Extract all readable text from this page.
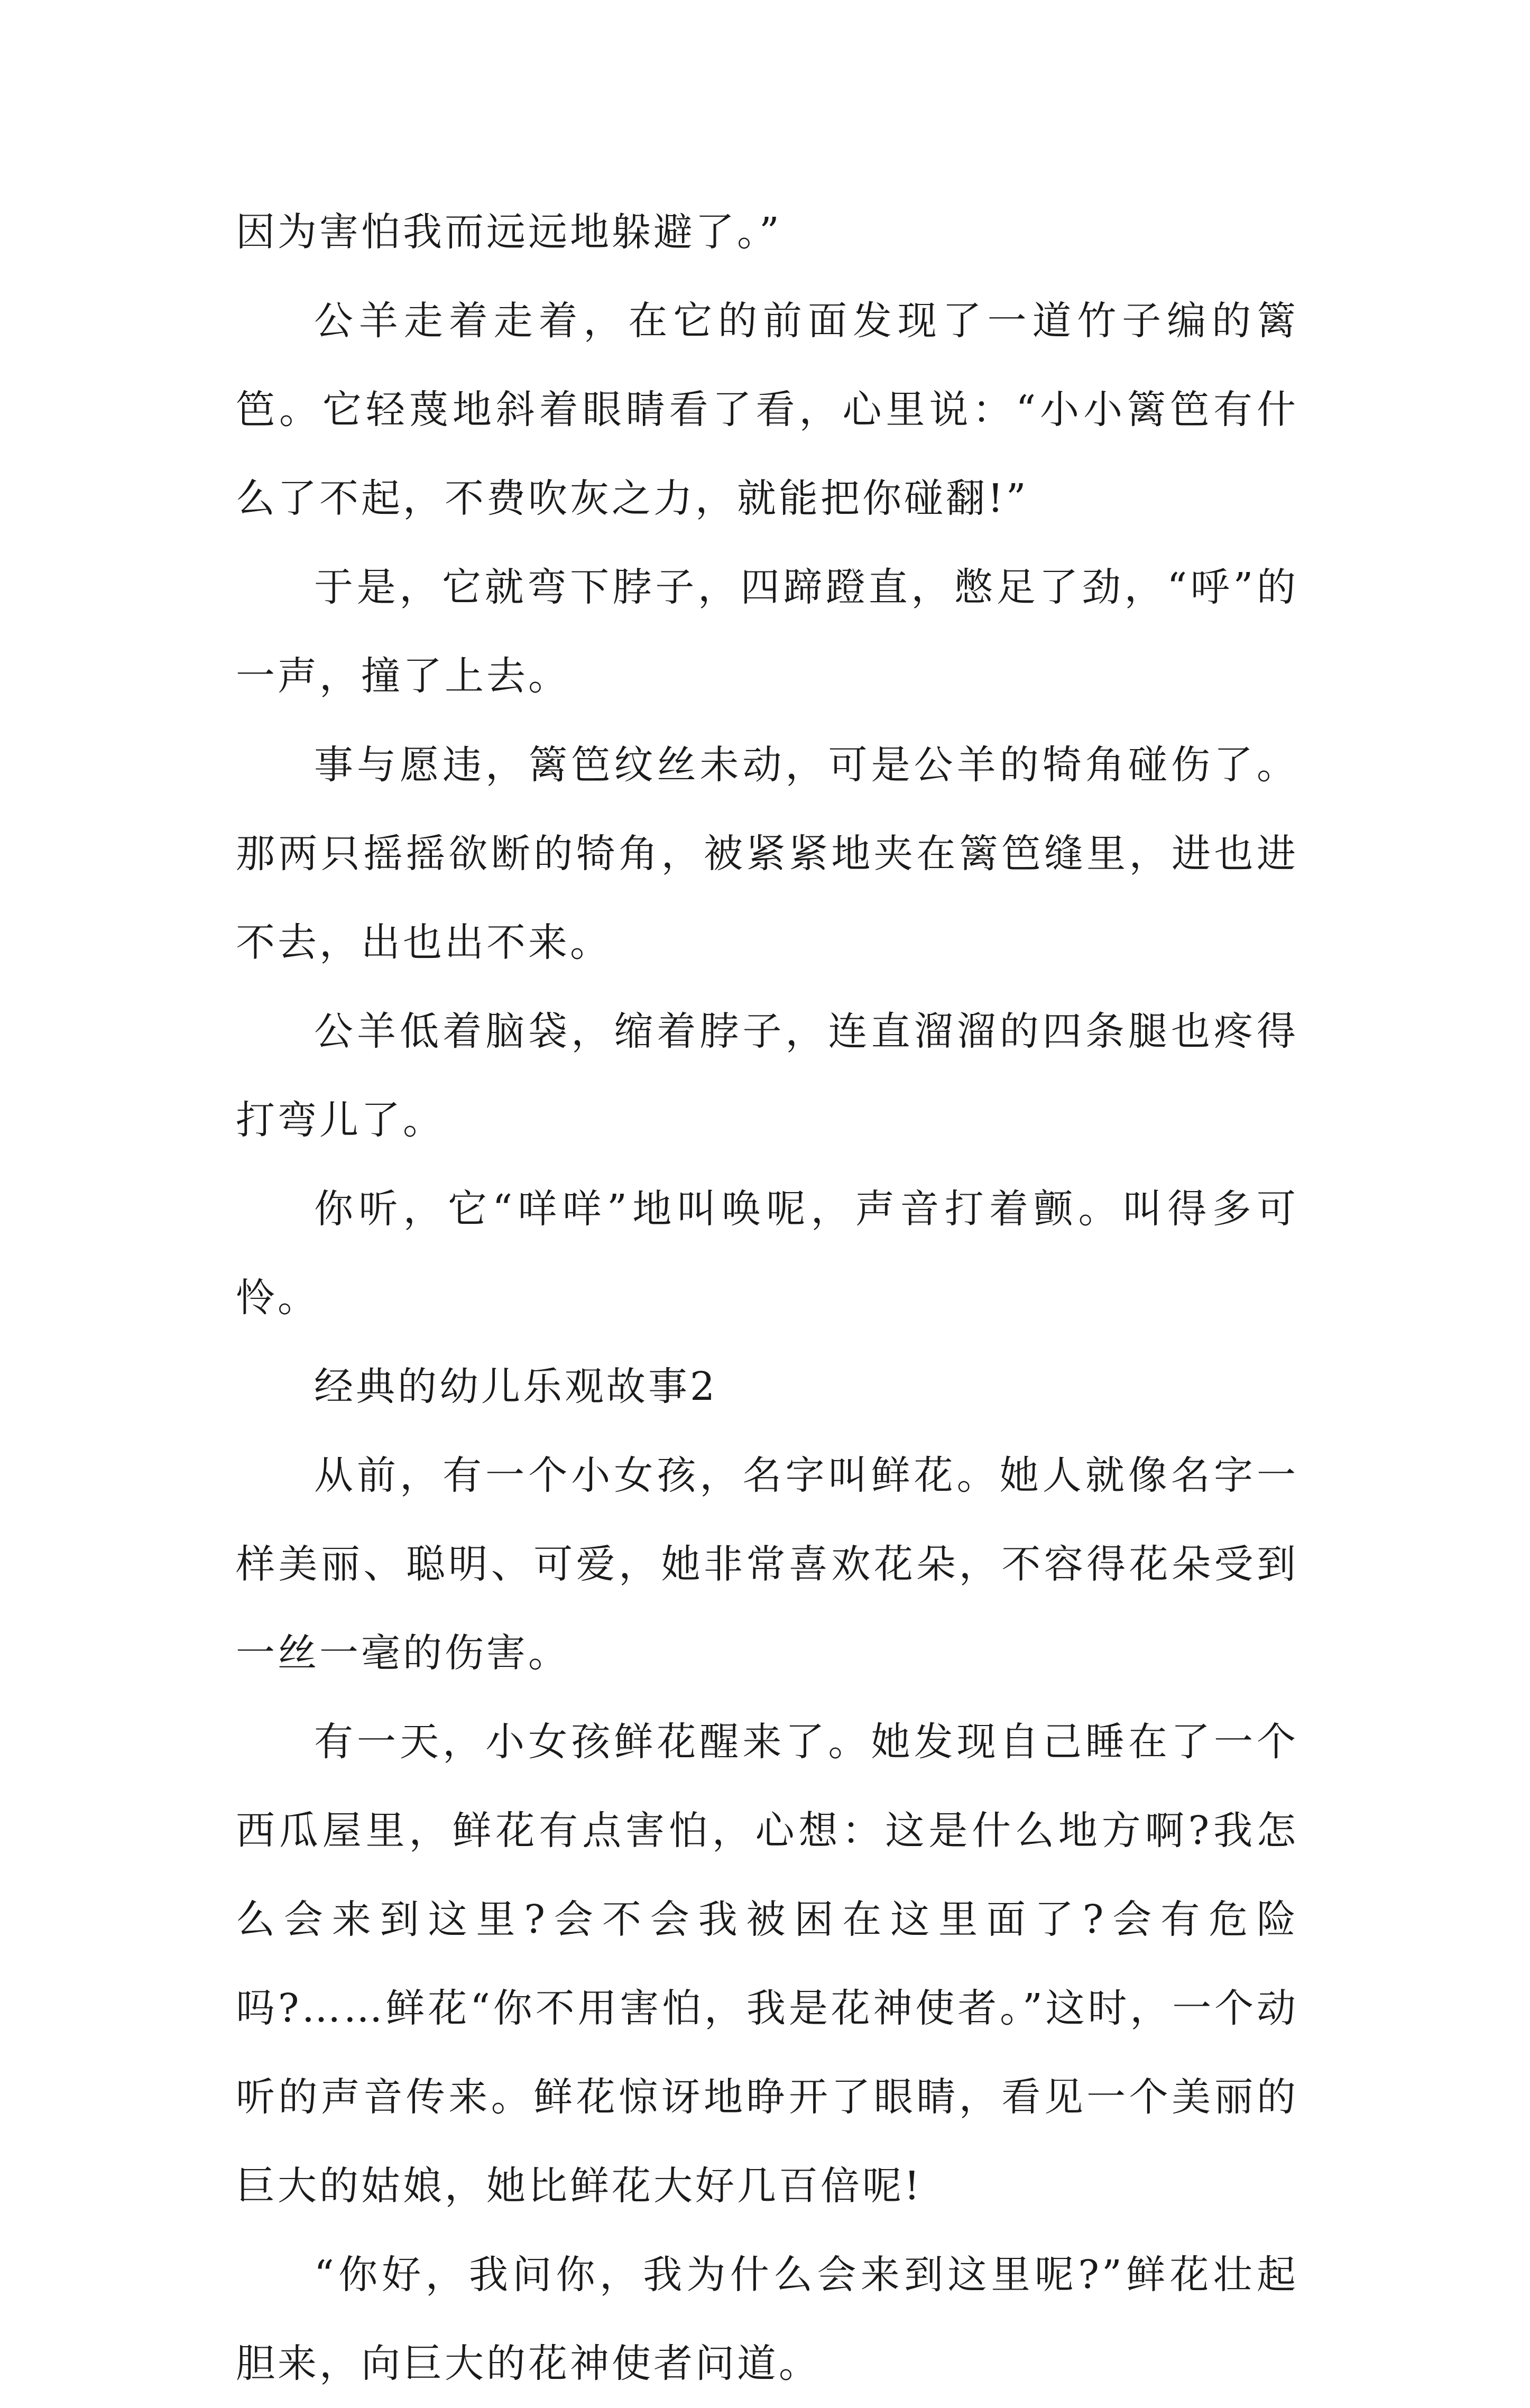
因为害怕我而远远地躲避了。”

公羊走着走着，在它的前面发现了一道竹子编的篱笆。它轻蔑地斜着眼睛看了看，心里说：“小小篱笆有什么了不起，不费吹灰之力，就能把你碰翻!”

于是，它就弯下脖子，四蹄蹬直，憋足了劲，“呼”的一声，撞了上去。

事与愿违，篱笆纹丝未动，可是公羊的犄角碰伤了。那两只摇摇欲断的犄角，被紧紧地夹在篱笆缝里，进也进不去，出也出不来。

公羊低着脑袋，缩着脖子，连直溜溜的四条腿也疼得打弯儿了。

你听，它“咩咩”地叫唤呢，声音打着颤。叫得多可怜。

经典的幼儿乐观故事2

从前，有一个小女孩，名字叫鲜花。她人就像名字一样美丽、聪明、可爱，她非常喜欢花朵，不容得花朵受到一丝一毫的伤害。

有一天，小女孩鲜花醒来了。她发现自己睡在了一个西瓜屋里，鲜花有点害怕，心想：这是什么地方啊?我怎么会来到这里?会不会我被困在这里面了?会有危险吗?……鲜花“你不用害怕，我是花神使者。”这时，一个动听的声音传来。鲜花惊讶地睁开了眼睛，看见一个美丽的巨大的姑娘，她比鲜花大好几百倍呢!

“你好，我问你，我为什么会来到这里呢?”鲜花壮起胆来，向巨大的花神使者问道。
